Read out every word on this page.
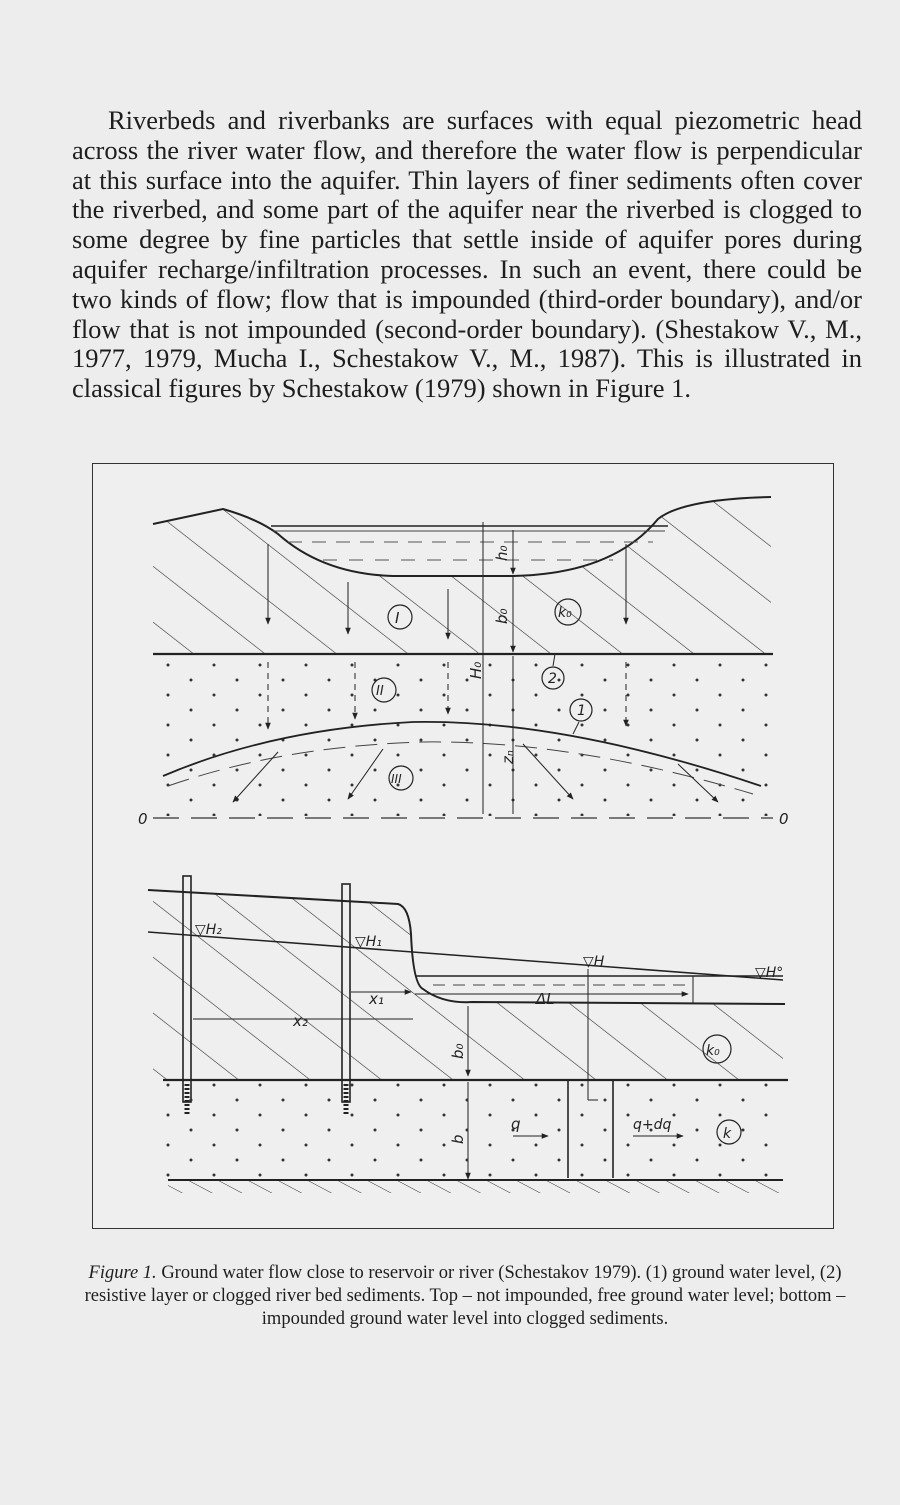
Riverbeds and riverbanks are surfaces with equal piezometric head across the river water flow, and therefore the water flow is perpendicular at this surface into the aquifer. Thin layers of finer sediments often cover the riverbed, and some part of the aquifer near the riverbed is clogged to some degree by fine particles that settle inside of aquifer pores during aquifer recharge/infiltration processes. In such an event, there could be two kinds of flow; flow that is impounded (third-order boundary), and/or flow that is not impounded (second-order boundary). (Shestakow V., M., 1977, 1979, Mucha I., Schestakow V., M., 1987). This is illustrated in classical figures by Schestakow (1979) shown in Figure 1.

0	0
h₀
b₀
H₀
zₙ
I
II
III
k₀
2
1
▽H₂
▽H₁
▽H
▽H°
x₂
x₁	ΔL
b₀	k₀
q	q+dq
k

Figure 1. Ground water flow close to reservoir or river (Schestakov 1979). (1) ground water level, (2) resistive layer or clogged river bed sediments. Top – not impounded, free ground water level; bottom – impounded ground water level into clogged sediments.
